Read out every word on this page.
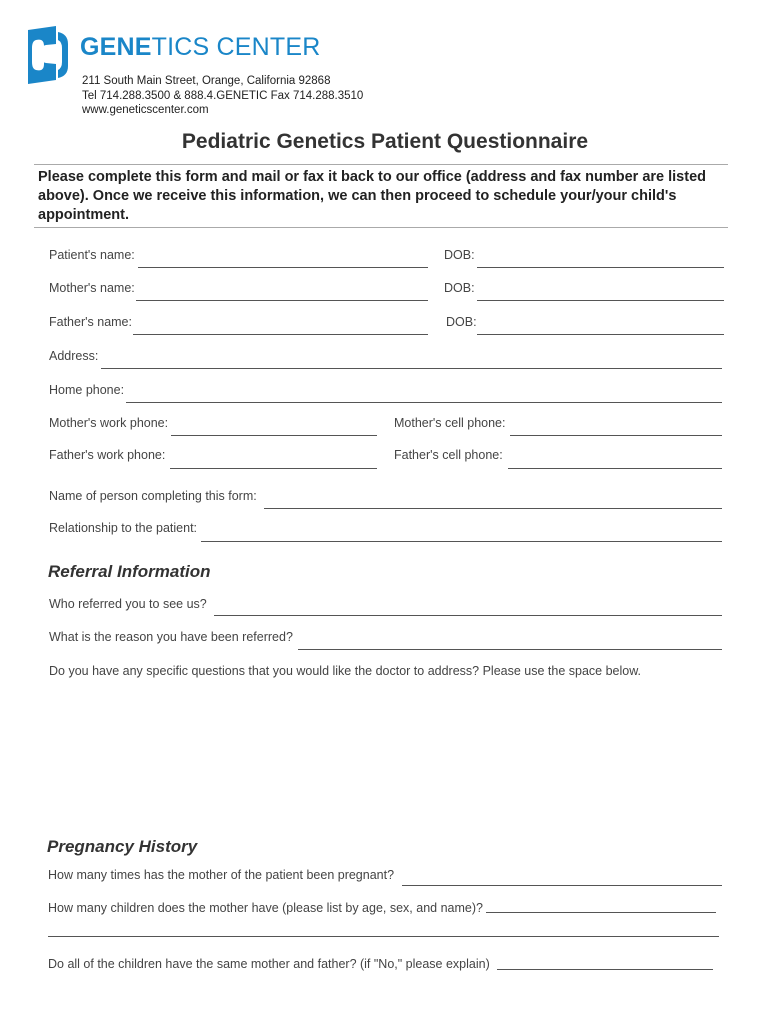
GENETICS CENTER
211 South Main Street, Orange, California 92868
Tel 714.288.3500 & 888.4.GENETIC Fax 714.288.3510
www.geneticscenter.com
Pediatric Genetics Patient Questionnaire
Please complete this form and mail or fax it back to our office (address and fax number are listed above). Once we receive this information, we can then proceed to schedule your/your child's appointment.
Patient's name:	DOB:
Mother's name:	DOB:
Father's name:	DOB:
Address:
Home phone:
Mother's work phone:	Mother's cell phone:
Father's work phone:	Father's cell phone:
Name of person completing this form:
Relationship to the patient:
Referral Information
Who referred you to see us?
What is the reason you have been referred?
Do you have any specific questions that you would like the doctor to address? Please use the space below.
Pregnancy History
How many times has the mother of the patient been pregnant?
How many children does the mother have (please list by age, sex, and name)?
Do all of the children have the same mother and father? (if "No," please explain)
